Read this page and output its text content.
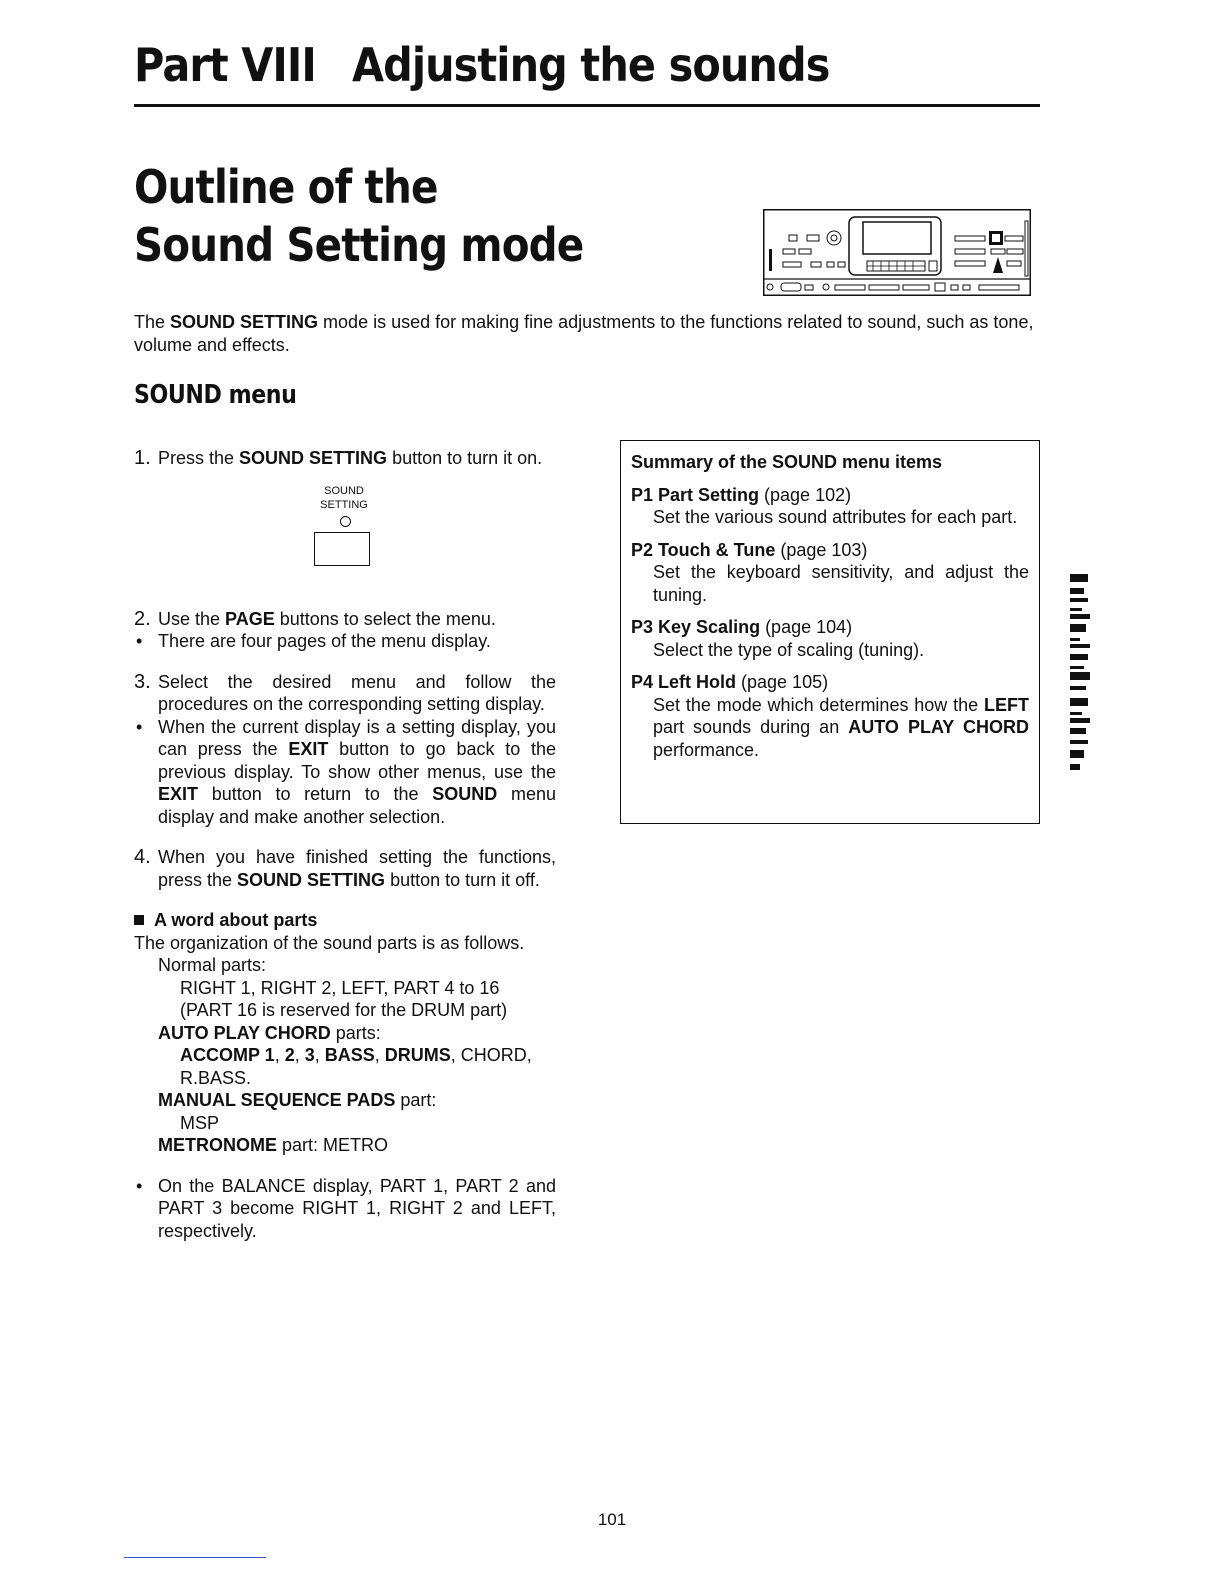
Part VIII Adjusting the sounds
Outline of the
Sound Setting mode

The SOUND SETTING mode is used for making fine adjustments to the functions related to sound, such as tone, volume and effects.

SOUND menu
1. Press the SOUND SETTING button to turn it on.
SOUND
SETTING
2. Use the PAGE buttons to select the menu.
• There are four pages of the menu display.
3. Select the desired menu and follow the procedures on the corresponding setting display.
• When the current display is a setting display, you can press the EXIT button to go back to the previous display. To show other menus, use the EXIT button to return to the SOUND menu display and make another selection.
4. When you have finished setting the functions, press the SOUND SETTING button to turn it off.
A word about parts
The organization of the sound parts is as follows.
Normal parts:
RIGHT 1, RIGHT 2, LEFT, PART 4 to 16
(PART 16 is reserved for the DRUM part)
AUTO PLAY CHORD parts:
ACCOMP 1, 2, 3, BASS, DRUMS, CHORD,
R.BASS.
MANUAL SEQUENCE PADS part:
MSP
METRONOME part: METRO
• On the BALANCE display, PART 1, PART 2 and PART 3 become RIGHT 1, RIGHT 2 and LEFT, respectively.
Summary of the SOUND menu items
P1 Part Setting (page 102)
Set the various sound attributes for each part.
P2 Touch & Tune (page 103)
Set the keyboard sensitivity, and adjust the tuning.
P3 Key Scaling (page 104)
Select the type of scaling (tuning).
P4 Left Hold (page 105)
Set the mode which determines how the LEFT part sounds during an AUTO PLAY CHORD performance.

101
